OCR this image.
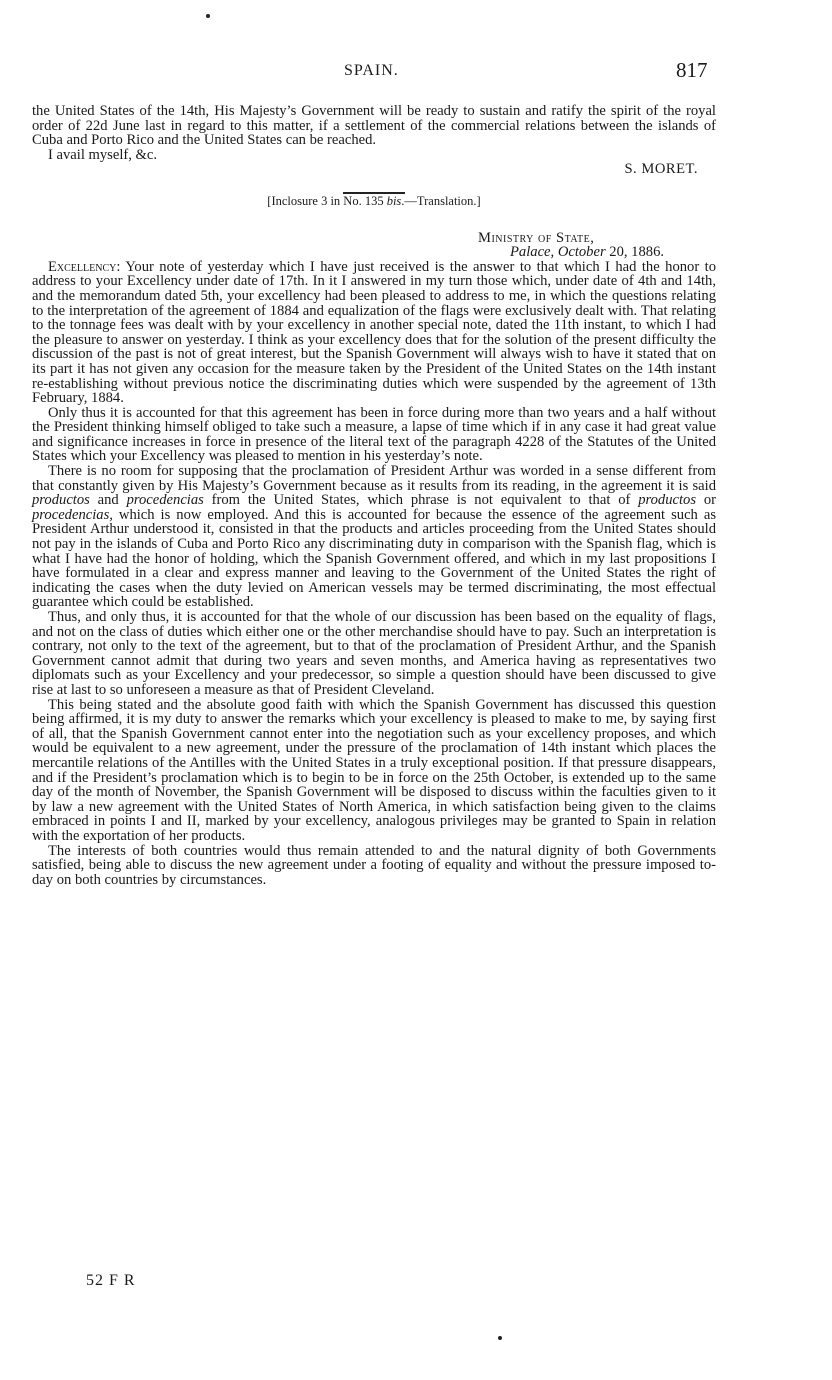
SPAIN.	817

the United States of the 14th, His Majesty’s Government will be ready to sustain and ratify the spirit of the royal order of 22d June last in regard to this matter, if a settlement of the commercial relations between the islands of Cuba and Porto Rico and the United States can be reached.

I avail myself, &c.

S. MORET.

[Inclosure 3 in No. 135 bis.—Translation.]

Ministry of State,

Palace, October 20, 1886.

Excellency: Your note of yesterday which I have just received is the answer to that which I had the honor to address to your Excellency under date of 17th. In it I answered in my turn those which, under date of 4th and 14th, and the memorandum dated 5th, your excellency had been pleased to address to me, in which the questions relating to the interpretation of the agreement of 1884 and equalization of the flags were exclusively dealt with. That relating to the tonnage fees was dealt with by your excellency in another special note, dated the 11th instant, to which I had the pleasure to answer on yesterday. I think as your excellency does that for the solution of the present difficulty the discussion of the past is not of great interest, but the Spanish Government will always wish to have it stated that on its part it has not given any occasion for the measure taken by the President of the United States on the 14th instant re-establishing without previous notice the discriminating duties which were suspended by the agreement of 13th February, 1884.

Only thus it is accounted for that this agreement has been in force during more than two years and a half without the President thinking himself obliged to take such a measure, a lapse of time which if in any case it had great value and significance increases in force in presence of the literal text of the paragraph 4228 of the Statutes of the United States which your Excellency was pleased to mention in his yesterday’s note.

There is no room for supposing that the proclamation of President Arthur was worded in a sense different from that constantly given by His Majesty’s Government because as it results from its reading, in the agreement it is said productos and procedencias from the United States, which phrase is not equivalent to that of productos or procedencias, which is now employed. And this is accounted for because the essence of the agreement such as President Arthur understood it, consisted in that the products and articles proceeding from the United States should not pay in the islands of Cuba and Porto Rico any discriminating duty in comparison with the Spanish flag, which is what I have had the honor of holding, which the Spanish Government offered, and which in my last propositions I have formulated in a clear and express manner and leaving to the Government of the United States the right of indicating the cases when the duty levied on American vessels may be termed discriminating, the most effectual guarantee which could be established.

Thus, and only thus, it is accounted for that the whole of our discussion has been based on the equality of flags, and not on the class of duties which either one or the other merchandise should have to pay. Such an interpretation is contrary, not only to the text of the agreement, but to that of the proclamation of President Arthur, and the Spanish Government cannot admit that during two years and seven months, and America having as representatives two diplomats such as your Excellency and your predecessor, so simple a question should have been discussed to give rise at last to so unforeseen a measure as that of President Cleveland.

This being stated and the absolute good faith with which the Spanish Government has discussed this question being affirmed, it is my duty to answer the remarks which your excellency is pleased to make to me, by saying first of all, that the Spanish Government cannot enter into the negotiation such as your excellency proposes, and which would be equivalent to a new agreement, under the pressure of the proclamation of 14th instant which places the mercantile relations of the Antilles with the United States in a truly exceptional position. If that pressure disappears, and if the President’s proclamation which is to begin to be in force on the 25th October, is extended up to the same day of the month of November, the Spanish Government will be disposed to discuss within the faculties given to it by law a new agreement with the United States of North America, in which satisfaction being given to the claims embraced in points I and II, marked by your excellency, analogous privileges may be granted to Spain in relation with the exportation of her products.

The interests of both countries would thus remain attended to and the natural dignity of both Governments satisfied, being able to discuss the new agreement under a footing of equality and without the pressure imposed to-day on both countries by circumstances.

52 F R
